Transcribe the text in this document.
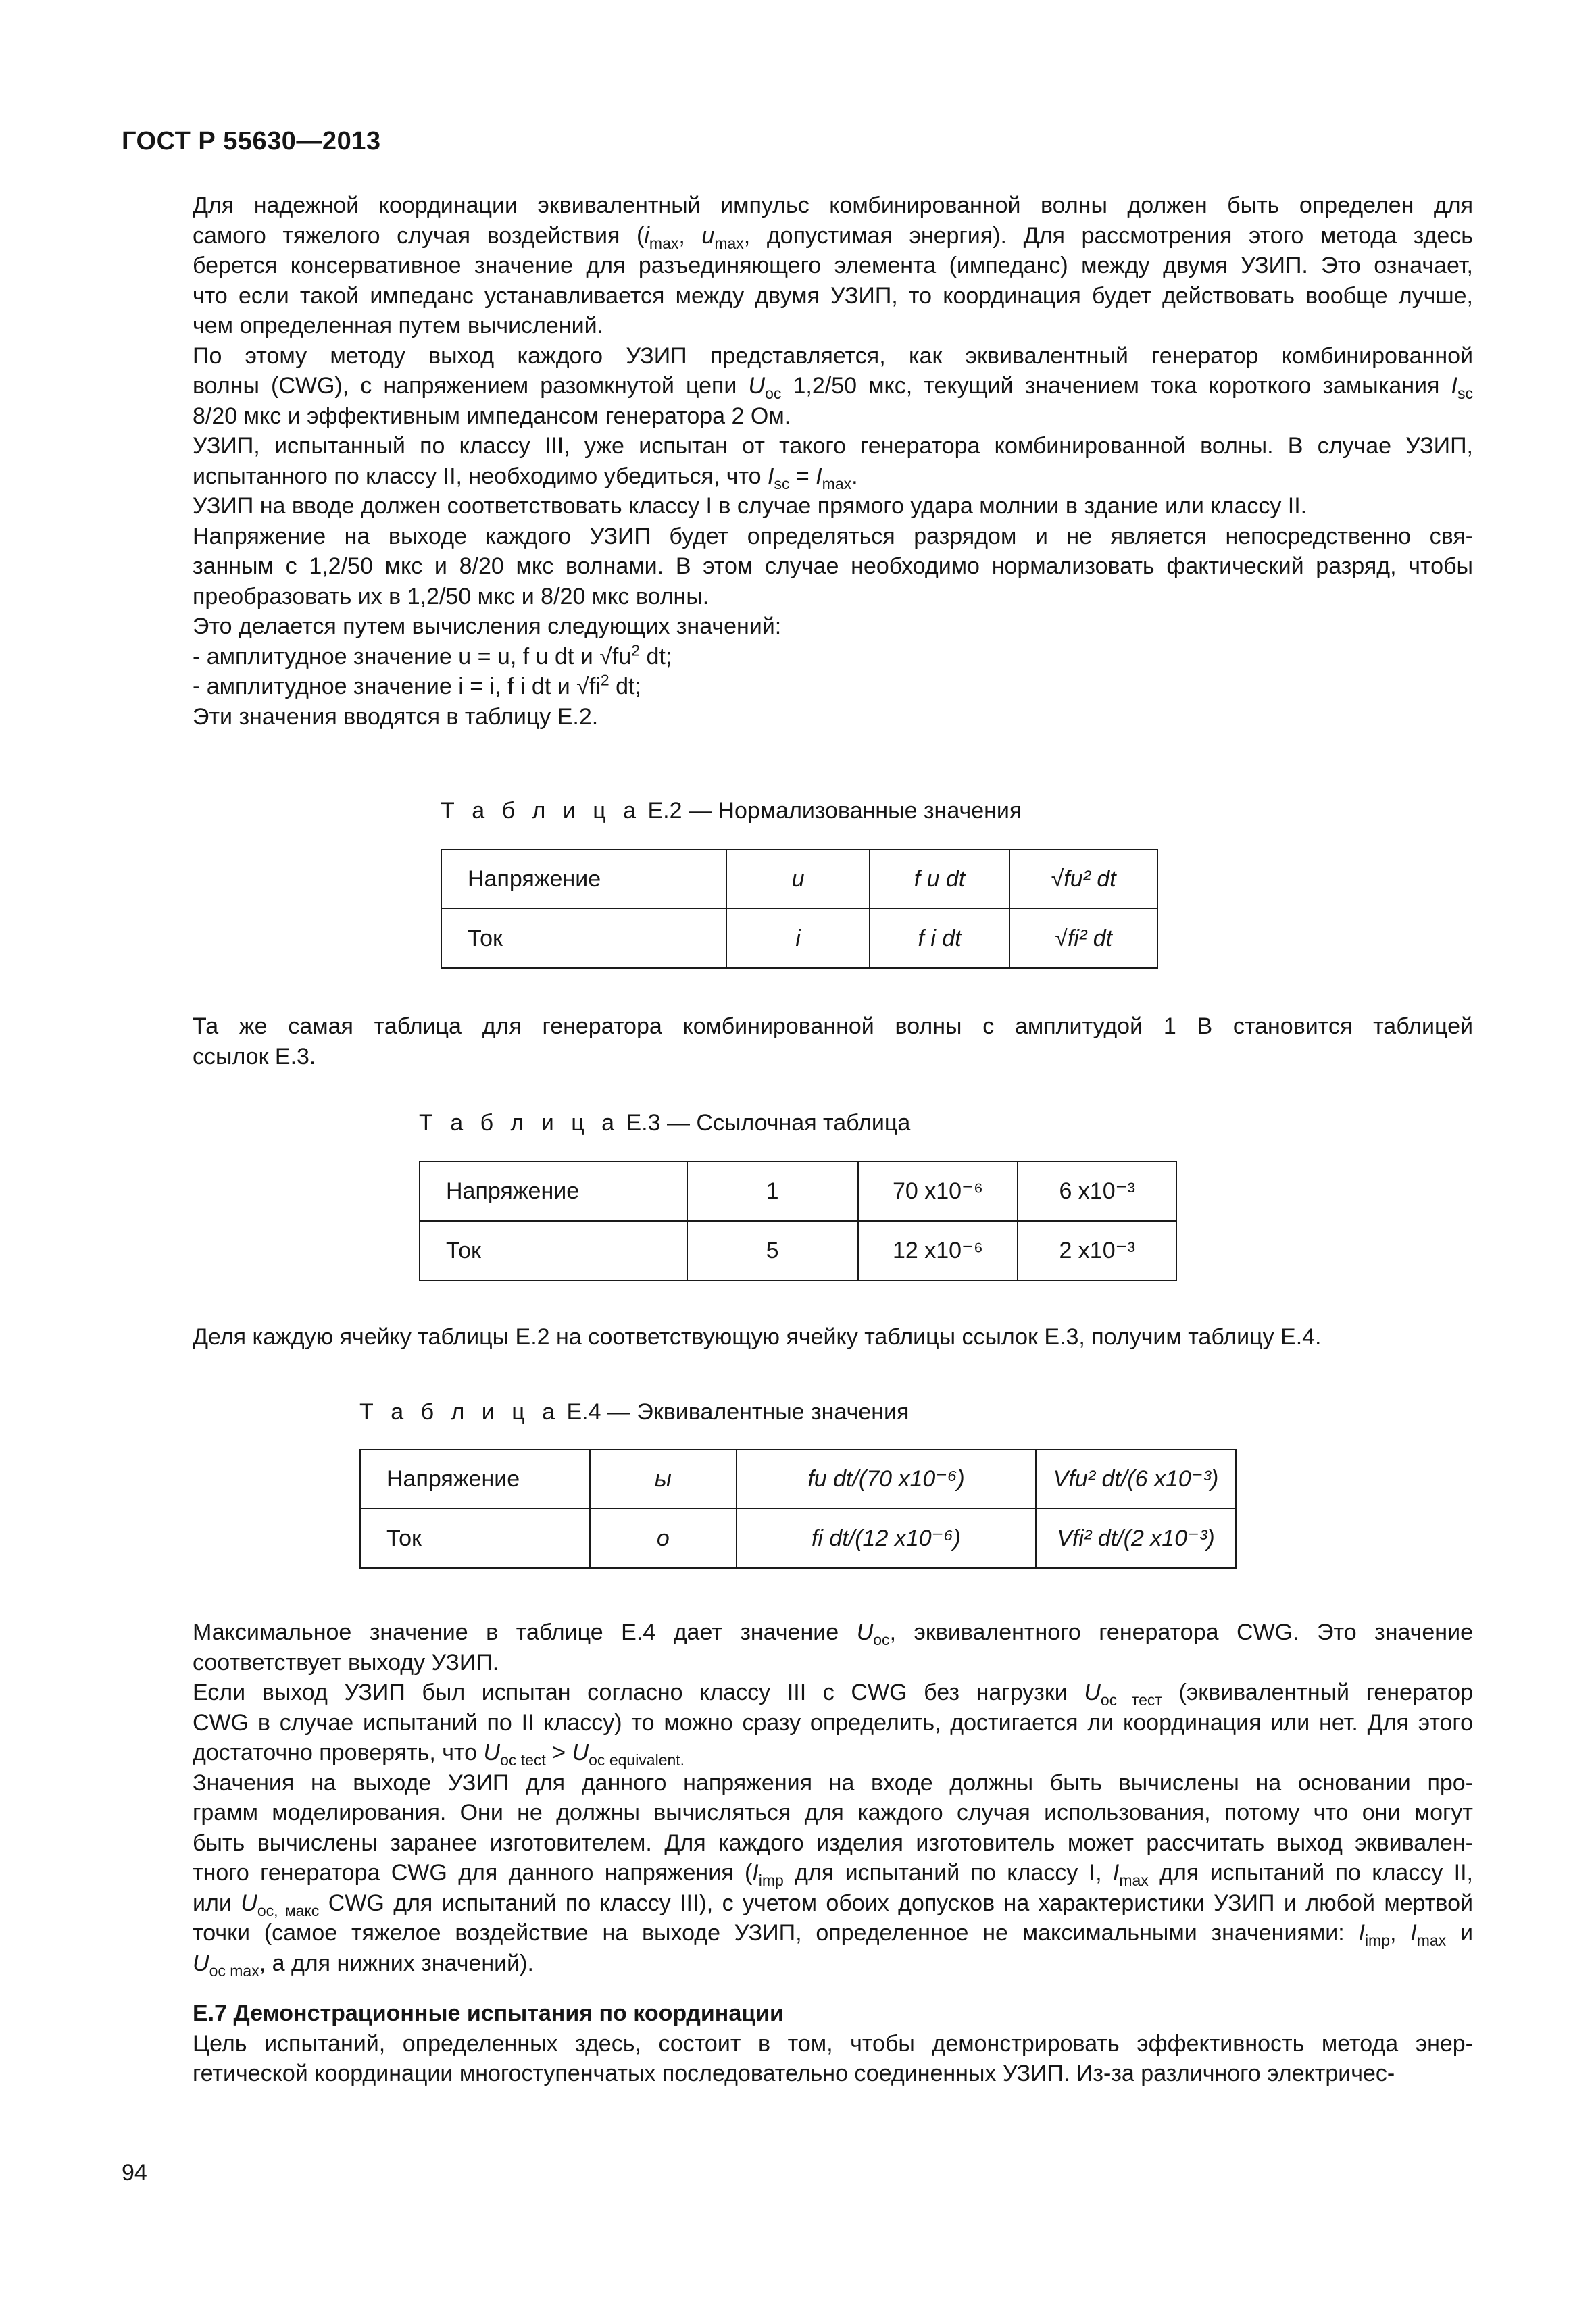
ГОСТ Р 55630—2013

Для надежной координации эквивалентный импульс комбинированной волны должен быть определен для
самого тяжелого случая воздействия ($i_{max}$, $u_{max}$, допустимая энергия). Для рассмотрения этого метода здесь
берется консервативное значение для разъединяющего элемента (импеданс) между двумя УЗИП. Это означает,
что если такой импеданс устанавливается между двумя УЗИП, то координация будет действовать вообще лучше,
чем определенная путем вычислений.

По этому методу выход каждого УЗИП представляется, как эквивалентный генератор комбинированной
волны (CWG), с напряжением разомкнутой цепи $U_{oc}$ 1,2/50 мкс, текущий значением тока короткого замыкания $I_{sc}$
8/20 мкс и эффективным импедансом генератора 2 Ом.

УЗИП, испытанный по классу III, уже испытан от такого генератора комбинированной волны. В случае УЗИП,
испытанного по классу II, необходимо убедиться, что $I_{sc} = I_{max}$.

УЗИП на вводе должен соответствовать классу I в случае прямого удара молнии в здание или классу II.

Напряжение на выходе каждого УЗИП будет определяться разрядом и не является непосредственно свя-
занным с 1,2/50 мкс и 8/20 мкс волнами. В этом случае необходимо нормализовать фактический разряд, чтобы
преобразовать их в 1,2/50 мкс и 8/20 мкс волны.

Это делается путем вычисления следующих значений:

- амплитудное значение u = u, f u dt и $√fu^2$ dt;

- амплитудное значение i = i, f i dt и $√fi^2$ dt;

Эти значения вводятся в таблицу Е.2.

Т а б л и ц а Е.2 — Нормализованные значения
Напряжение	u	f u dt	√fu² dt
Ток	i	f i dt	√fi² dt

Та же самая таблица для генератора комбинированной волны с амплитудой 1 В становится таблицей
ссылок Е.3.

Т а б л и ц а Е.3 — Ссылочная таблица
Напряжение	1	70 x10⁻⁶	6 x10⁻³
Ток	5	12 x10⁻⁶	2 x10⁻³

Деля каждую ячейку таблицы Е.2 на соответствующую ячейку таблицы ссылок Е.3, получим таблицу Е.4.

Т а б л и ц а Е.4 — Эквивалентные значения
Напряжение	ы	fu dt/(70 x10⁻⁶)	Vfu² dt/(6 x10⁻³)
Ток	о	fi dt/(12 x10⁻⁶)	Vfi² dt/(2 x10⁻³)

Максимальное значение в таблице Е.4 дает значение $U_{oc}$, эквивалентного генератора CWG. Это значение
соответствует выходу УЗИП.

Если выход УЗИП был испытан согласно классу III с CWG без нагрузки $U_{oc тест}$ (эквивалентный генератор
CWG в случае испытаний по II классу) то можно сразу определить, достигается ли координация или нет. Для этого
достаточно проверять, что $U_{oc tect} > U_{oc equivalent.}$

Значения на выходе УЗИП для данного напряжения на входе должны быть вычислены на основании про-
грамм моделирования. Они не должны вычисляться для каждого случая использования, потому что они могут
быть вычислены заранее изготовителем. Для каждого изделия изготовитель может рассчитать выход эквивален-
тного генератора CWG для данного напряжения ($I_{imp}$ для испытаний по классу I, $I_{max}$ для испытаний по классу II,
или $U_{oc, макс}$ CWG для испытаний по классу III), с учетом обоих допусков на характеристики УЗИП и любой мертвой
точки (самое тяжелое воздействие на выходе УЗИП, определенное не максимальными значениями: $I_{imp}$, $I_{max}$ и
$U_{oc max}$, а для нижних значений).

Е.7 Демонстрационные испытания по координации

Цель испытаний, определенных здесь, состоит в том, чтобы демонстрировать эффективность метода энер-
гетической координации многоступенчатых последовательно соединенных УЗИП. Из-за различного электричес-

94
